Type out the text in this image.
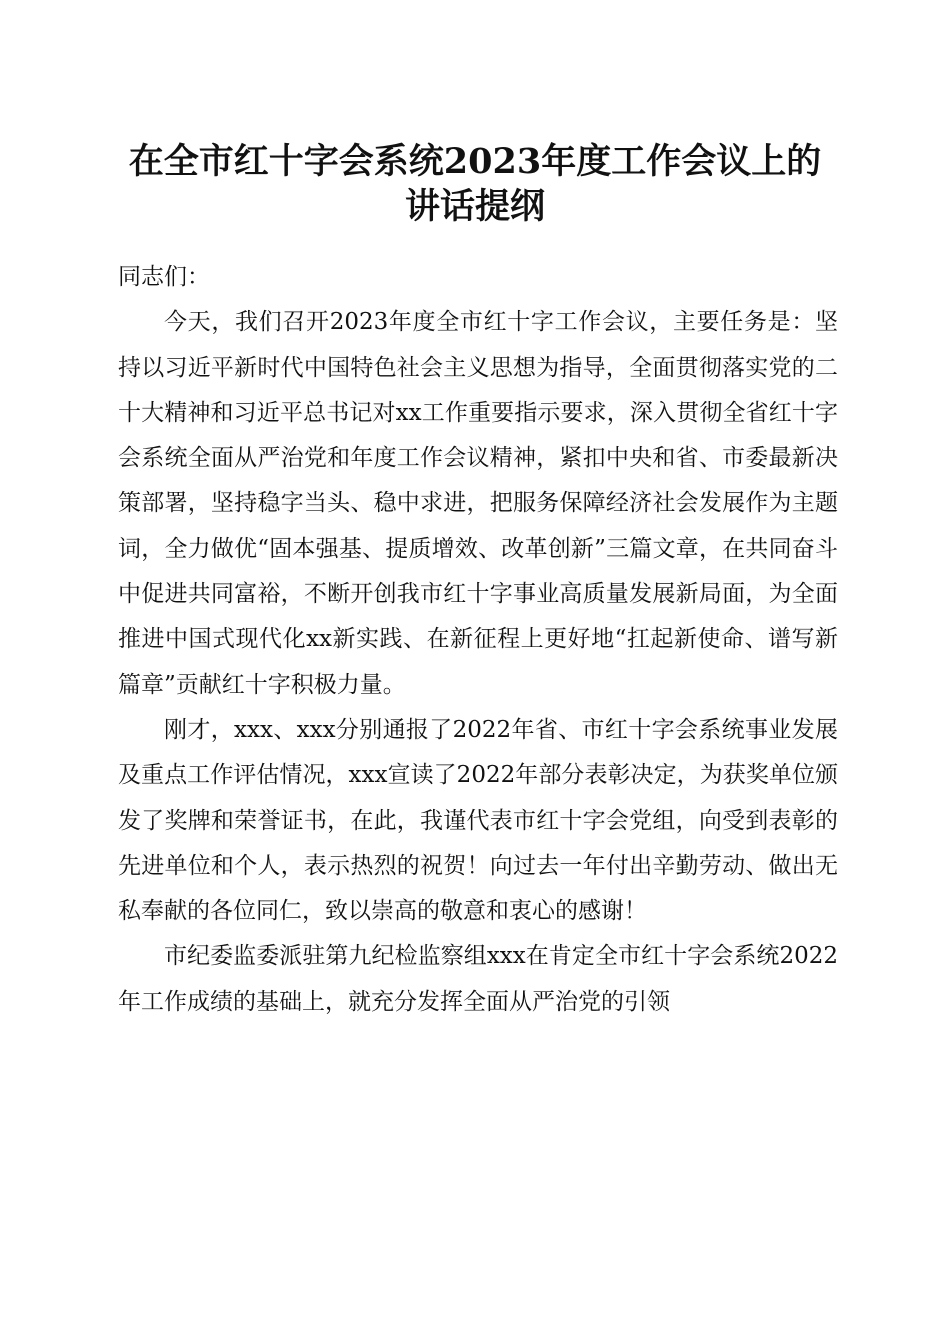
在全市红十字会系统2023年度工作会议上的
讲话提纲

同志们：

今天，我们召开2023年度全市红十字工作会议，主要任务是：坚持以习近平新时代中国特色社会主义思想为指导，全面贯彻落实党的二十大精神和习近平总书记对xx工作重要指示要求，深入贯彻全省红十字会系统全面从严治党和年度工作会议精神，紧扣中央和省、市委最新决策部署，坚持稳字当头、稳中求进，把服务保障经济社会发展作为主题词，全力做优“固本强基、提质增效、改革创新”三篇文章，在共同奋斗中促进共同富裕，不断开创我市红十字事业高质量发展新局面，为全面推进中国式现代化xx新实践、在新征程上更好地“扛起新使命、谱写新篇章”贡献红十字积极力量。

刚才，xxx、xxx分别通报了2022年省、市红十字会系统事业发展及重点工作评估情况，xxx宣读了2022年部分表彰决定，为获奖单位颁发了奖牌和荣誉证书，在此，我谨代表市红十字会党组，向受到表彰的先进单位和个人，表示热烈的祝贺！向过去一年付出辛勤劳动、做出无私奉献的各位同仁，致以崇高的敬意和衷心的感谢！

市纪委监委派驻第九纪检监察组xxx在肯定全市红十字会系统2022年工作成绩的基础上，就充分发挥全面从严治党的引领
